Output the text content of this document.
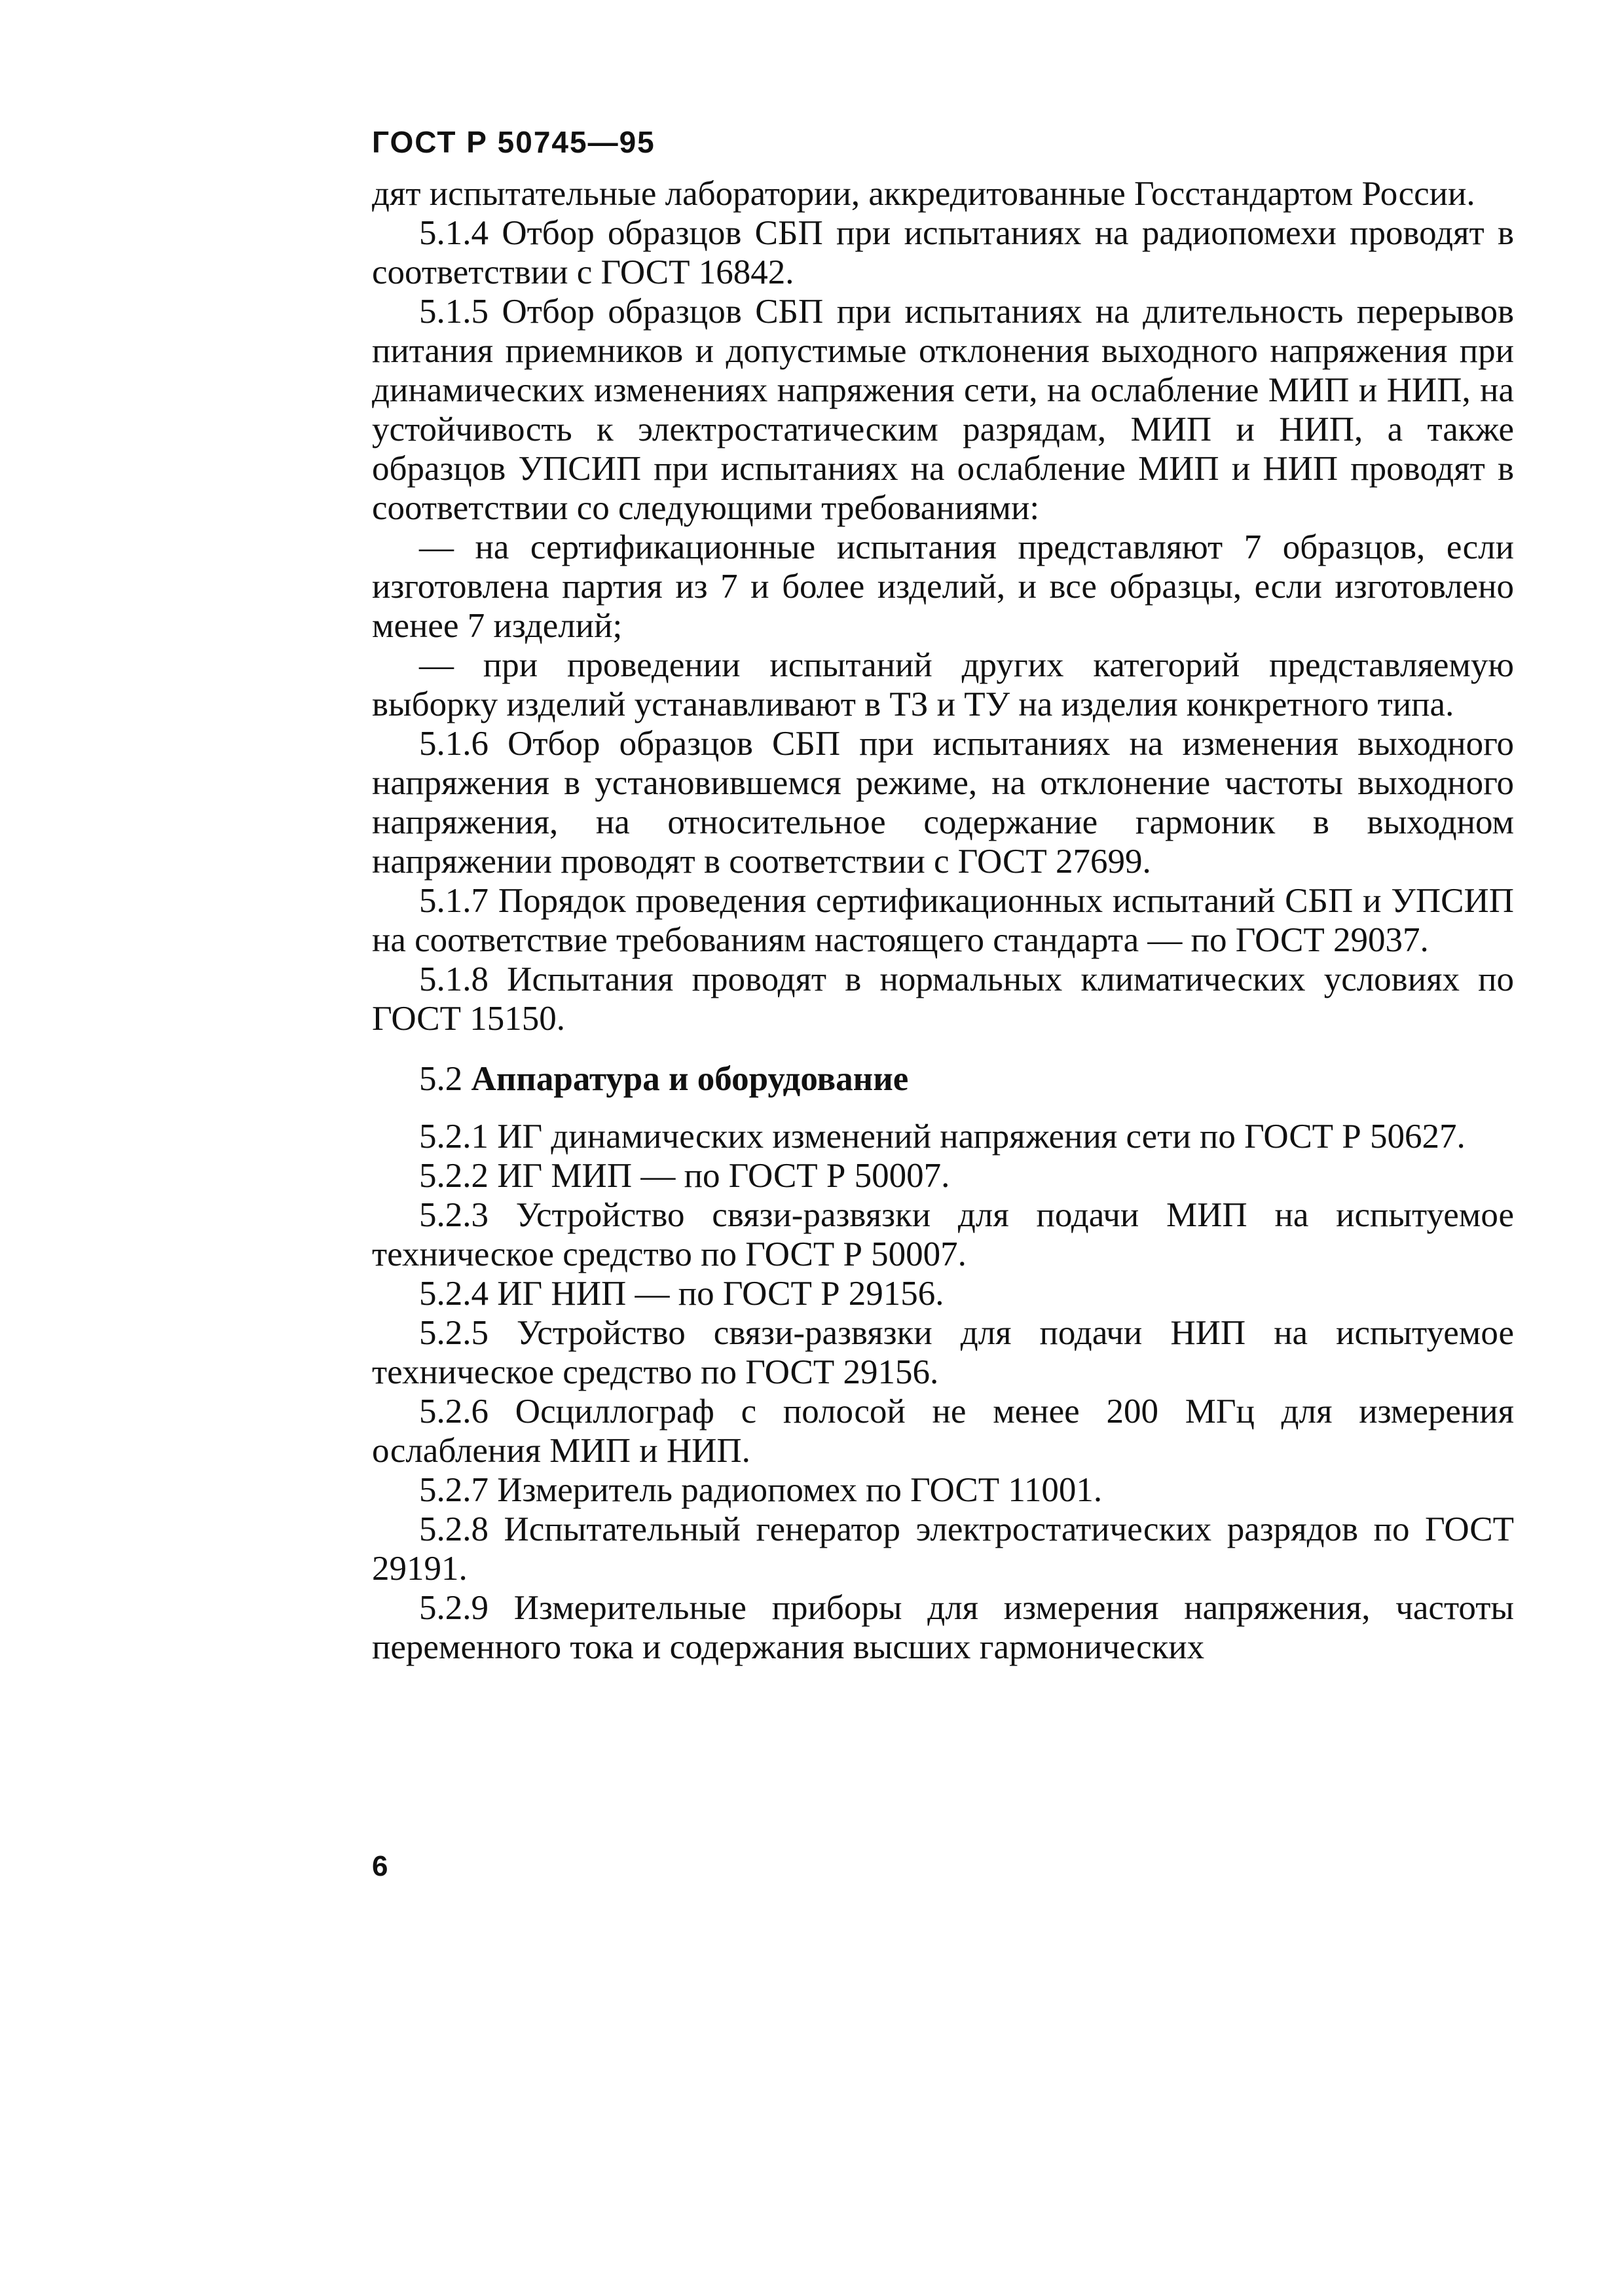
ГОСТ Р 50745—95

дят испытательные лаборатории, аккредитованные Госстандартом России.

5.1.4 Отбор образцов СБП при испытаниях на радиопомехи проводят в соответствии с ГОСТ 16842.

5.1.5 Отбор образцов СБП при испытаниях на длительность перерывов питания приемников и допустимые отклонения выходного напряжения при динамических изменениях напряжения сети, на ослабление МИП и НИП, на устойчивость к электростатическим разрядам, МИП и НИП, а также образцов УПСИП при испытаниях на ослабление МИП и НИП проводят в соответствии со следующими требованиями:

— на сертификационные испытания представляют 7 образцов, если изготовлена партия из 7 и более изделий, и все образцы, если изготовлено менее 7 изделий;

— при проведении испытаний других категорий представляемую выборку изделий устанавливают в ТЗ и ТУ на изделия конкретного типа.

5.1.6 Отбор образцов СБП при испытаниях на изменения выходного напряжения в установившемся режиме, на отклонение частоты выходного напряжения, на относительное содержание гармоник в выходном напряжении проводят в соответствии с ГОСТ 27699.

5.1.7 Порядок проведения сертификационных испытаний СБП и УПСИП на соответствие требованиям настоящего стандарта — по ГОСТ 29037.

5.1.8 Испытания проводят в нормальных климатических условиях по ГОСТ 15150.

5.2 Аппаратура и оборудование

5.2.1 ИГ динамических изменений напряжения сети по ГОСТ Р 50627.

5.2.2 ИГ МИП — по ГОСТ Р 50007.

5.2.3 Устройство связи-развязки для подачи МИП на испытуемое техническое средство по ГОСТ Р 50007.

5.2.4 ИГ НИП — по ГОСТ Р 29156.

5.2.5 Устройство связи-развязки для подачи НИП на испытуемое техническое средство по ГОСТ 29156.

5.2.6 Осциллограф с полосой не менее 200 МГц для измерения ослабления МИП и НИП.

5.2.7 Измеритель радиопомех по ГОСТ 11001.

5.2.8 Испытательный генератор электростатических разрядов по ГОСТ 29191.

5.2.9 Измерительные приборы для измерения напряжения, частоты переменного тока и содержания высших гармонических

6
